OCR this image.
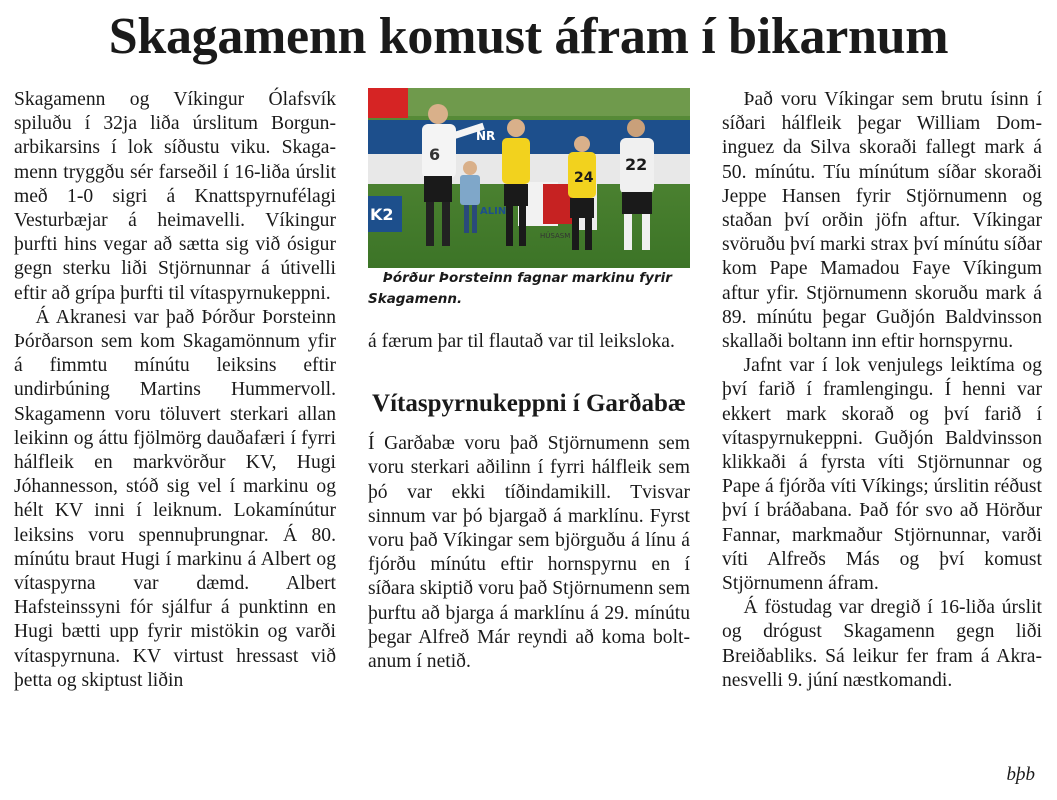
Skagamenn komust áfram í bikarnum

Skagamenn og Víkingur Ólafsvík spiluðu í 32ja liða úrslitum Borgunarbikarsins í lok síðustu viku. Skagamenn tryggðu sér farseðil í 16-liða úrslit með 1-0 sigri á Knattspyrnufélagi Vesturbæjar á heimavelli. Víkingur þurfti hins vegar að sætta sig við ósigur gegn sterku liði Stjörnunnar á útivelli eftir að grípa þurfti til vítaspyrnukeppni.

Á Akranesi var það Þórður Þorsteinn Þórðarson sem kom Skagamönnum yfir á fimmtu mínútu leiksins eftir undirbúning Martins Hummervoll. Skagamenn voru töluvert sterkari allan leikinn og áttu fjölmörg dauðafæri í fyrri hálfleik en markvörður KV, Hugi Jóhannesson, stóð sig vel í markinu og hélt KV inni í leiknum. Lokamínútur leiksins voru spennuþrungnar. Á 80. mínútu braut Hugi í markinu á Albert og vítaspyrna var dæmd. Albert Hafsteinssyni fór sjálfur á punktinn en Hugi bætti upp fyrir mistökin og varði vítaspyrnuna. KV virtust hressast við þetta og skiptust liðin

NR
K2	ALIN
HÚSASM
6
24
22

Þórður Þorsteinn fagnar markinu fyrir Skagamenn.

á færum þar til flautað var til leiksloka.

Vítaspyrnukeppni í Garðabæ

Í Garðabæ voru það Stjörnumenn sem voru sterkari aðilinn í fyrri hálfleik sem þó var ekki tíðindamikill. Tvisvar sinnum var þó bjargað á marklínu. Fyrst voru það Víkingar sem björguðu á línu á fjórðu mínútu eftir hornspyrnu en í síðara skiptið voru það Stjörnumenn sem þurftu að bjarga á marklínu á 29. mínútu þegar Alfreð Már reyndi að koma boltanum í netið.

Það voru Víkingar sem brutu ísinn í síðari hálfleik þegar William Dominguez da Silva skoraði fallegt mark á 50. mínútu. Tíu mínútum síðar skoraði Jeppe Hansen fyrir Stjörnumenn og staðan því orðin jöfn aftur. Víkingar svöruðu því marki strax því mínútu síðar kom Pape Mamadou Faye Víkingum aftur yfir. Stjörnumenn skoruðu mark á 89. mínútu þegar Guðjón Baldvinsson skallaði boltann inn eftir hornspyrnu.

Jafnt var í lok venjulegs leiktíma og því farið í framlengingu. Í henni var ekkert mark skorað og því farið í vítaspyrnukeppni. Guðjón Baldvinsson klikkaði á fyrsta víti Stjörnunnar og Pape á fjórða víti Víkings; úrslitin réðust því í bráðabana. Það fór svo að Hörður Fannar, markmaður Stjörnunnar, varði víti Alfreðs Más og því komust Stjörnumenn áfram.

Á föstudag var dregið í 16-liða úrslit og drógust Skagamenn gegn liði Breiðabliks. Sá leikur fer fram á Akranesvelli 9. júní næstkomandi.

bþb
